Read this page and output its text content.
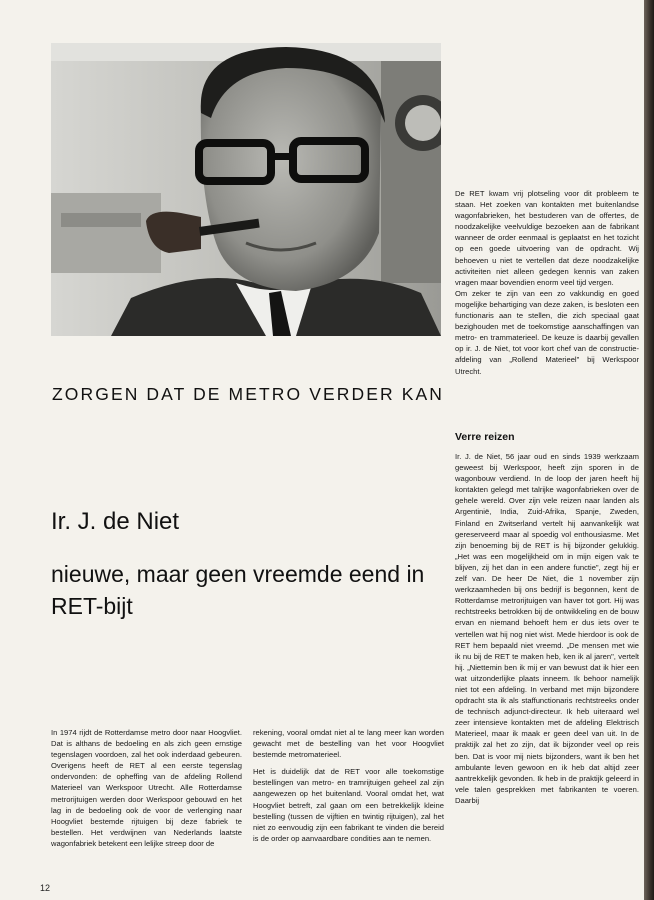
ZORGEN DAT DE METRO VERDER KAN
Ir. J. de Niet
nieuwe, maar geen vreemde eend in RET-bijt

In 1974 rijdt de Rotterdamse metro door naar Hoogvliet. Dat is althans de bedoeling en als zich geen ernstige tegenslagen voordoen, zal het ook inderdaad gebeuren. Overigens heeft de RET al een eerste tegenslag ondervonden: de opheffing van de afdeling Rollend Materieel van Werkspoor Utrecht. Alle Rotterdamse metrorijtuigen werden door Werkspoor gebouwd en het lag in de bedoeling ook de voor de verlenging naar Hoogvliet bestemde rijtuigen bij deze fabriek te bestellen. Het verdwijnen van Nederlands laatste wagonfabriek betekent een lelijke streep door de

rekening, vooral omdat niet al te lang meer kan worden gewacht met de bestelling van het voor Hoogvliet bestemde metromaterieel.

Het is duidelijk dat de RET voor alle toekomstige bestellingen van metro- en tramrijtuigen geheel zal zijn aangewezen op het buitenland. Vooral omdat het, wat Hoogvliet betreft, zal gaan om een betrekkelijk kleine bestelling (tussen de vijftien en twintig rijtuigen), zal het niet zo eenvoudig zijn een fabrikant te vinden die bereid is de order op aanvaardbare condities aan te nemen.

De RET kwam vrij plotseling voor dit probleem te staan. Het zoeken van kontakten met buitenlandse wagonfabrieken, het bestuderen van de offertes, de noodzakelijke veelvuldige bezoeken aan de fabrikant wanneer de order eenmaal is geplaatst en het tozicht op een goede uitvoering van de opdracht. Wij behoeven u niet te vertellen dat deze noodzakelijke activiteiten niet alleen gedegen kennis van zaken vragen maar bovendien enorm veel tijd vergen.

Om zeker te zijn van een zo vakkundig en goed mogelijke behartiging van deze zaken, is besloten een functionaris aan te stellen, die zich speciaal gaat bezighouden met de toekomstige aanschaffingen van metro- en trammaterieel. De keuze is daarbij gevallen op ir. J. de Niet, tot voor kort chef van de constructie-afdeling van „Rollend Materieel" bij Werkspoor Utrecht.

Verre reizen

Ir. J. de Niet, 56 jaar oud en sinds 1939 werkzaam geweest bij Werkspoor, heeft zijn sporen in de wagonbouw verdiend. In de loop der jaren heeft hij kontakten gelegd met talrijke wagonfabrieken over de gehele wereld. Over zijn vele reizen naar landen als Argentinië, India, Zuid-Afrika, Spanje, Zweden, Finland en Zwitserland vertelt hij aanvankelijk wat gereserveerd maar al spoedig vol enthousiasme. Met zijn benoeming bij de RET is hij bijzonder gelukkig. „Het was een mogelijkheid om in mijn eigen vak te blijven, zij het dan in een andere functie", zegt hij er zelf van. De heer De Niet, die 1 november zijn werkzaamheden bij ons bedrijf is begonnen, kent de Rotterdamse metrorijtuigen van haver tot gort. Hij was rechtstreeks betrokken bij de ontwikkeling en de bouw ervan en niemand behoeft hem er dus iets over te vertellen wat hij nog niet wist. Mede hierdoor is ook de RET hem bepaald niet vreemd. „De mensen met wie ik nu bij de RET te maken heb, ken ik al jaren", vertelt hij. „Niettemin ben ik mij er van bewust dat ik hier een wat uitzonderlijke plaats inneem. Ik behoor namelijk niet tot een afdeling. In verband met mijn bijzondere opdracht sta ik als staffunctionaris rechtstreeks onder de technisch adjunct-directeur. Ik heb uiteraard wel zeer intensieve kontakten met de afdeling Elektrisch Materieel, maar ik maak er geen deel van uit. In de praktijk zal het zo zijn, dat ik bijzonder veel op reis ben. Dat is voor mij niets bijzonders, want ik ben het ambulante leven gewoon en ik heb dat altijd zeer aantrekkelijk gevonden. Ik heb in de praktijk geleerd in vele talen gesprekken met fabrikanten te voeren. Daarbij

12
